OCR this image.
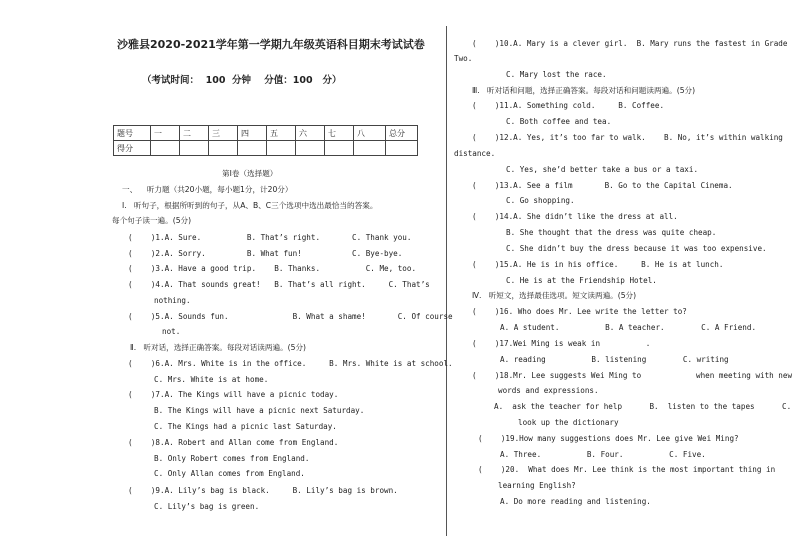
沙雅县2020-2021学年第一学期九年级英语科目期末考试试卷
（考试时间：  100  分钟    分值：100   分）
题号	一	二	三	四	五	六	七	八	总分
得分									
第Ⅰ卷（选择题）
一、    听力题（共20小题，每小题1分，计20分）
Ⅰ.   听句子，根据所听到的句子，从A、B、C三个选项中选出最恰当的答案。
每个句子读一遍。(5分)
(    )1.A. Sure.          B. That’s right.       C. Thank you.
(    )2.A. Sorry.         B. What fun!           C. Bye-bye.
(    )3.A. Have a good trip.    B. Thanks.          C. Me, too.
(    )4.A. That sounds great!   B. That’s all right.     C. That’s
nothing.
(    )5.A. Sounds fun.              B. What a shame!       C. Of course
not.
Ⅱ.   听对话，选择正确答案。每段对话读两遍。(5分)
(    )6.A. Mrs. White is in the office.     B. Mrs. White is at school.
C. Mrs. White is at home.
(    )7.A. The Kings will have a picnic today.
B. The Kings will have a picnic next Saturday.
C. The Kings had a picnic last Saturday.
(    )8.A. Robert and Allan come from England.
B. Only Robert comes from England.
C. Only Allan comes from England.
(    )9.A. Lily’s bag is black.     B. Lily’s bag is brown.
C. Lily’s bag is green.
(    )10.A. Mary is a clever girl.  B. Mary runs the fastest in Grade
Two.
C. Mary lost the race.
Ⅲ.   听对话和问题，选择正确答案。每段对话和问题读两遍。(5分)
(    )11.A. Something cold.     B. Coffee.
C. Both coffee and tea.
(    )12.A. Yes, it’s too far to walk.    B. No, it’s within walking
distance.
C. Yes, she’d better take a bus or a taxi.
(    )13.A. See a film       B. Go to the Capital Cinema.
C. Go shopping.
(    )14.A. She didn’t like the dress at all.
B. She thought that the dress was quite cheap.
C. She didn’t buy the dress because it was too expensive.
(    )15.A. He is in his office.     B. He is at lunch.
C. He is at the Friendship Hotel.
Ⅳ.   听短文，选择最佳选项。短文读两遍。(5分)
(    )16. Who does Mr. Lee write the letter to?
A. A student.          B. A teacher.        C. A Friend.
(    )17.Wei Ming is weak in          .
A. reading          B. listening        C. writing
(    )18.Mr. Lee suggests Wei Ming to            when meeting with new
words and expressions.
A.  ask the teacher for help      B.  listen to the tapes      C.
look up the dictionary
(    )19.How many suggestions does Mr. Lee give Wei Ming?
A. Three.          B. Four.          C. Five.
(    )20.  What does Mr. Lee think is the most important thing in
learning English?
A. Do more reading and listening.
